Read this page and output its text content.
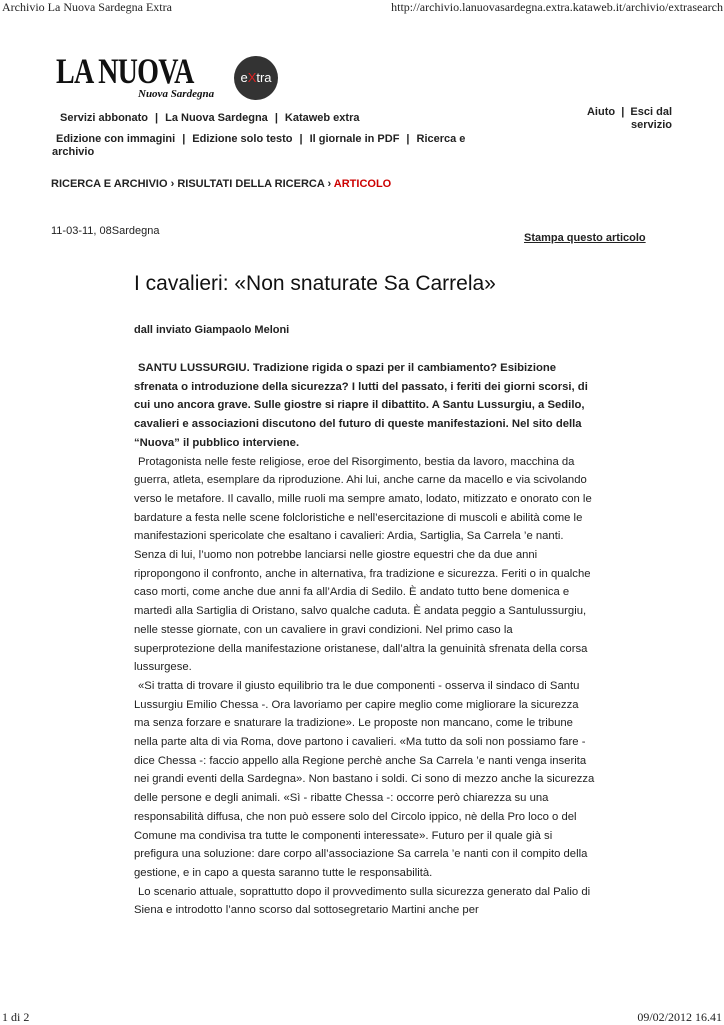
Archivio La Nuova Sardegna Extra	http://archivio.lanuovasardegna.extra.kataweb.it/archivio/extrasearch
LA NUOVA
Nuova Sardegna
eXtra
Servizi abbonato | La Nuova Sardegna | Kataweb extra
Edizione con immagini | Edizione solo testo | Il giornale in PDF | Ricerca e
archivio
Aiuto | Esci dal servizio
RICERCA E ARCHIVIO › RISULTATI DELLA RICERCA › ARTICOLO
11-03-11, 08Sardegna
Stampa questo articolo
I cavalieri: «Non snaturate Sa Carrela»
dall inviato Giampaolo Meloni

SANTU LUSSURGIU. Tradizione rigida o spazi per il cambiamento? Esibizione sfrenata o introduzione della sicurezza? I lutti del passato, i feriti dei giorni scorsi, di cui uno ancora grave. Sulle giostre si riapre il dibattito. A Santu Lussurgiu, a Sedilo, cavalieri e associazioni discutono del futuro di queste manifestazioni. Nel sito della “Nuova” il pubblico interviene.

Protagonista nelle feste religiose, eroe del Risorgimento, bestia da lavoro, macchina da guerra, atleta, esemplare da riproduzione. Ahi lui, anche carne da macello e via scivolando verso le metafore. Il cavallo, mille ruoli ma sempre amato, lodato, mitizzato e onorato con le bardature a festa nelle scene folcloristiche e nell’esercitazione di muscoli e abilità come le manifestazioni spericolate che esaltano i cavalieri: Ardia, Sartiglia, Sa Carrela ’e nanti. Senza di lui, l’uomo non potrebbe lanciarsi nelle giostre equestri che da due anni ripropongono il confronto, anche in alternativa, fra tradizione e sicurezza. Feriti o in qualche caso morti, come anche due anni fa all’Ardia di Sedilo. È andato tutto bene domenica e martedì alla Sartiglia di Oristano, salvo qualche caduta. È andata peggio a Santulussurgiu, nelle stesse giornate, con un cavaliere in gravi condizioni. Nel primo caso la superprotezione della manifestazione oristanese, dall’altra la genuinità sfrenata della corsa lussurgese.

«Si tratta di trovare il giusto equilibrio tra le due componenti - osserva il sindaco di Santu Lussurgiu Emilio Chessa -. Ora lavoriamo per capire meglio come migliorare la sicurezza ma senza forzare e snaturare la tradizione». Le proposte non mancano, come le tribune nella parte alta di via Roma, dove partono i cavalieri. «Ma tutto da soli non possiamo fare - dice Chessa -: faccio appello alla Regione perchè anche Sa Carrela ’e nanti venga inserita nei grandi eventi della Sardegna». Non bastano i soldi. Ci sono di mezzo anche la sicurezza delle persone e degli animali. «Sì - ribatte Chessa -: occorre però chiarezza su una responsabilità diffusa, che non può essere solo del Circolo ippico, nè della Pro loco o del Comune ma condivisa tra tutte le componenti interessate». Futuro per il quale già si prefigura una soluzione: dare corpo all’associazione Sa carrela ’e nanti con il compito della gestione, e in capo a questa saranno tutte le responsabilità.

Lo scenario attuale, soprattutto dopo il provvedimento sulla sicurezza generato dal Palio di Siena e introdotto l’anno scorso dal sottosegretario Martini anche per

1 di 2	09/02/2012 16.41
